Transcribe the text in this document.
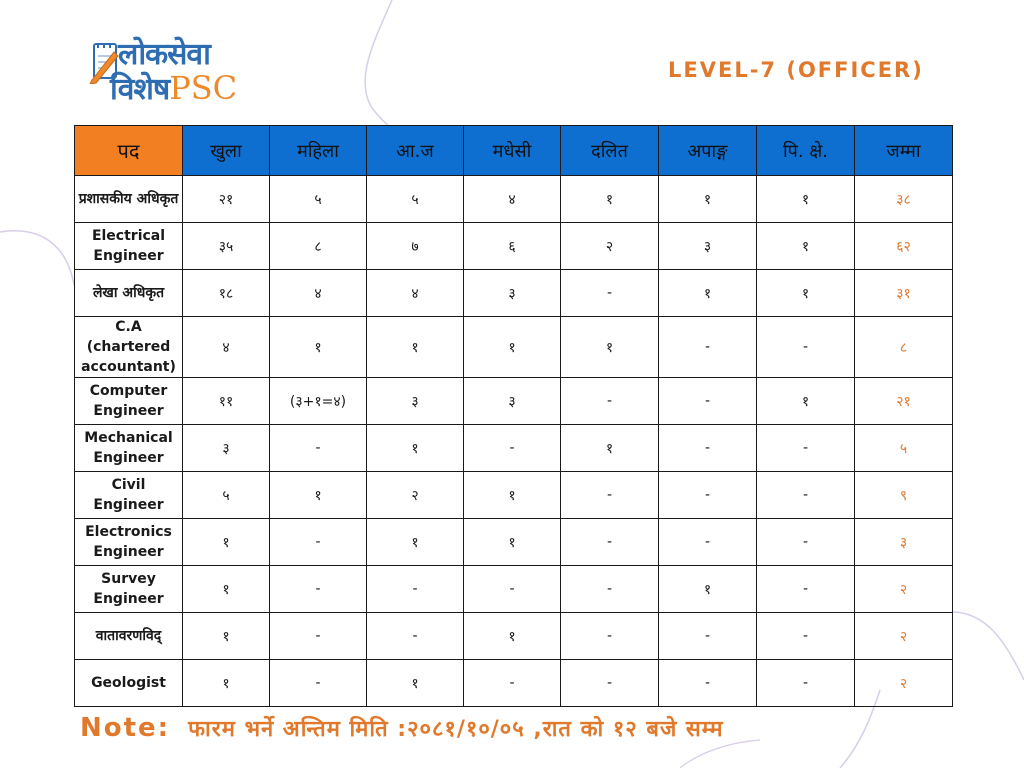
लोकसेवा
विशेषPSC	LEVEL-7 (OFFICER)
पद	खुला	महिला	आ.ज	मधेसी	दलित	अपाङ्ग	पि. क्षे.	जम्मा
प्रशासकीय अधिकृत	२१	५	५	४	१	१	१	३८
Electrical Engineer	३५	८	७	६	२	३	१	६२
लेखा अधिकृत	१८	४	४	३	-	१	१	३१
C.A (chartered accountant)	४	१	१	१	१	-	-	८
Computer Engineer	११	(३+१=४)	३	३	-	-	१	२१
Mechanical Engineer	३	-	१	-	१	-	-	५
Civil Engineer	५	१	२	१	-	-	-	९
Electronics Engineer	१	-	१	१	-	-	-	३
Survey Engineer	१	-	-	-	-	१	-	२
वातावरणविद्	१	-	-	१	-	-	-	२
Geologist	१	-	१	-	-	-	-	२
Note: फारम भर्ने अन्तिम मिति :२०८१/१०/०५ ,रात को १२ बजे सम्म
